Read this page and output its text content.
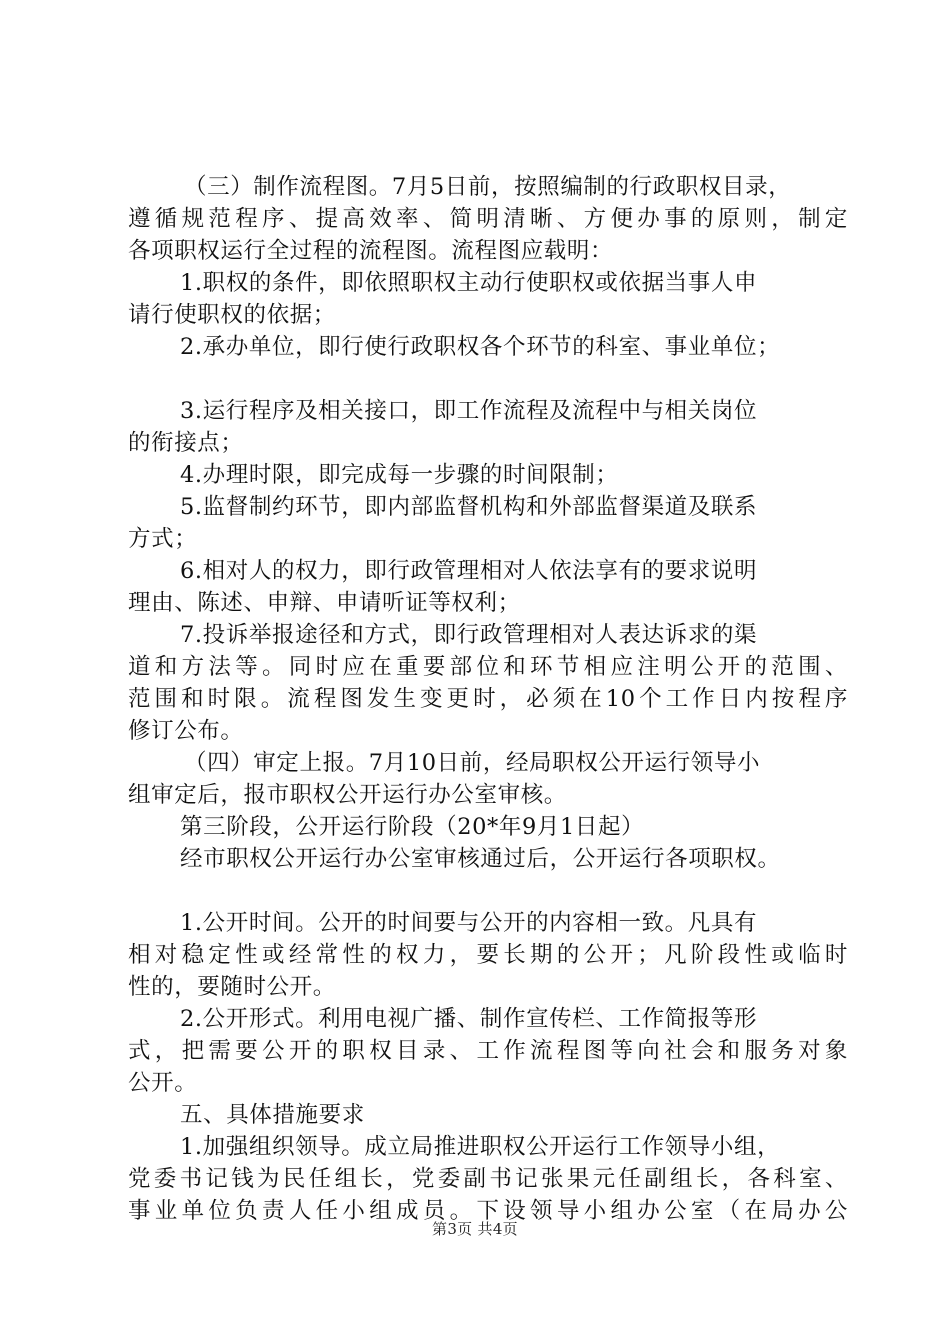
（三）制作流程图。7月5日前，按照编制的行政职权目录，
遵循规范程序、提高效率、简明清晰、方便办事的原则，制定
各项职权运行全过程的流程图。流程图应载明：
1.职权的条件，即依照职权主动行使职权或依据当事人申
请行使职权的依据；
2.承办单位，即行使行政职权各个环节的科室、事业单位；
3.运行程序及相关接口，即工作流程及流程中与相关岗位
的衔接点；
4.办理时限，即完成每一步骤的时间限制；
5.监督制约环节，即内部监督机构和外部监督渠道及联系
方式；
6.相对人的权力，即行政管理相对人依法享有的要求说明
理由、陈述、申辩、申请听证等权利；
7.投诉举报途径和方式，即行政管理相对人表达诉求的渠
道和方法等。同时应在重要部位和环节相应注明公开的范围、
范围和时限。流程图发生变更时，必须在10个工作日内按程序
修订公布。
（四）审定上报。7月10日前，经局职权公开运行领导小
组审定后，报市职权公开运行办公室审核。
第三阶段，公开运行阶段（20*年9月1日起）
经市职权公开运行办公室审核通过后，公开运行各项职权。
1.公开时间。公开的时间要与公开的内容相一致。凡具有
相对稳定性或经常性的权力，要长期的公开；凡阶段性或临时
性的，要随时公开。
2.公开形式。利用电视广播、制作宣传栏、工作简报等形
式，把需要公开的职权目录、工作流程图等向社会和服务对象
公开。
五、具体措施要求
1.加强组织领导。成立局推进职权公开运行工作领导小组，
党委书记钱为民任组长，党委副书记张果元任副组长，各科室、
事业单位负责人任小组成员。下设领导小组办公室（在局办公
第3页 共4页
